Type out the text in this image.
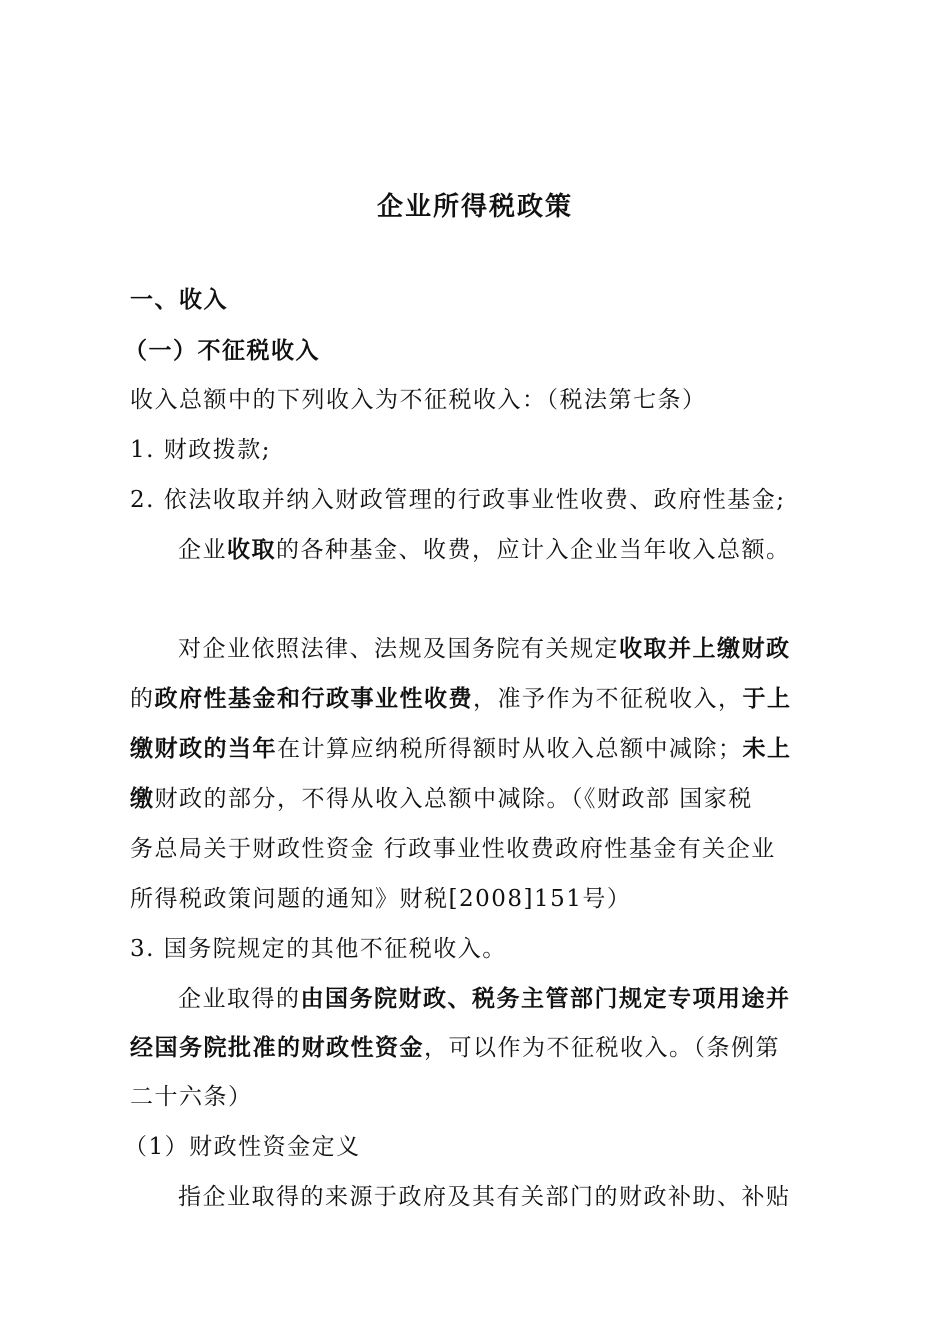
企业所得税政策
一、收入
（一）不征税收入
收入总额中的下列收入为不征税收入：（税法第七条）
1. 财政拨款;
2. 依法收取并纳入财政管理的行政事业性收费、政府性基金;
企业收取的各种基金、收费，应计入企业当年收入总额。
对企业依照法律、法规及国务院有关规定收取并上缴财政
的政府性基金和行政事业性收费，准予作为不征税收入，于上
缴财政的当年在计算应纳税所得额时从收入总额中减除；未上
缴财政的部分，不得从收入总额中减除。（《财政部 国家税
务总局关于财政性资金 行政事业性收费政府性基金有关企业
所得税政策问题的通知》财税[2008]151号）
3. 国务院规定的其他不征税收入。
企业取得的由国务院财政、税务主管部门规定专项用途并
经国务院批准的财政性资金，可以作为不征税收入。（条例第
二十六条）
（1）财政性资金定义
指企业取得的来源于政府及其有关部门的财政补助、补贴
